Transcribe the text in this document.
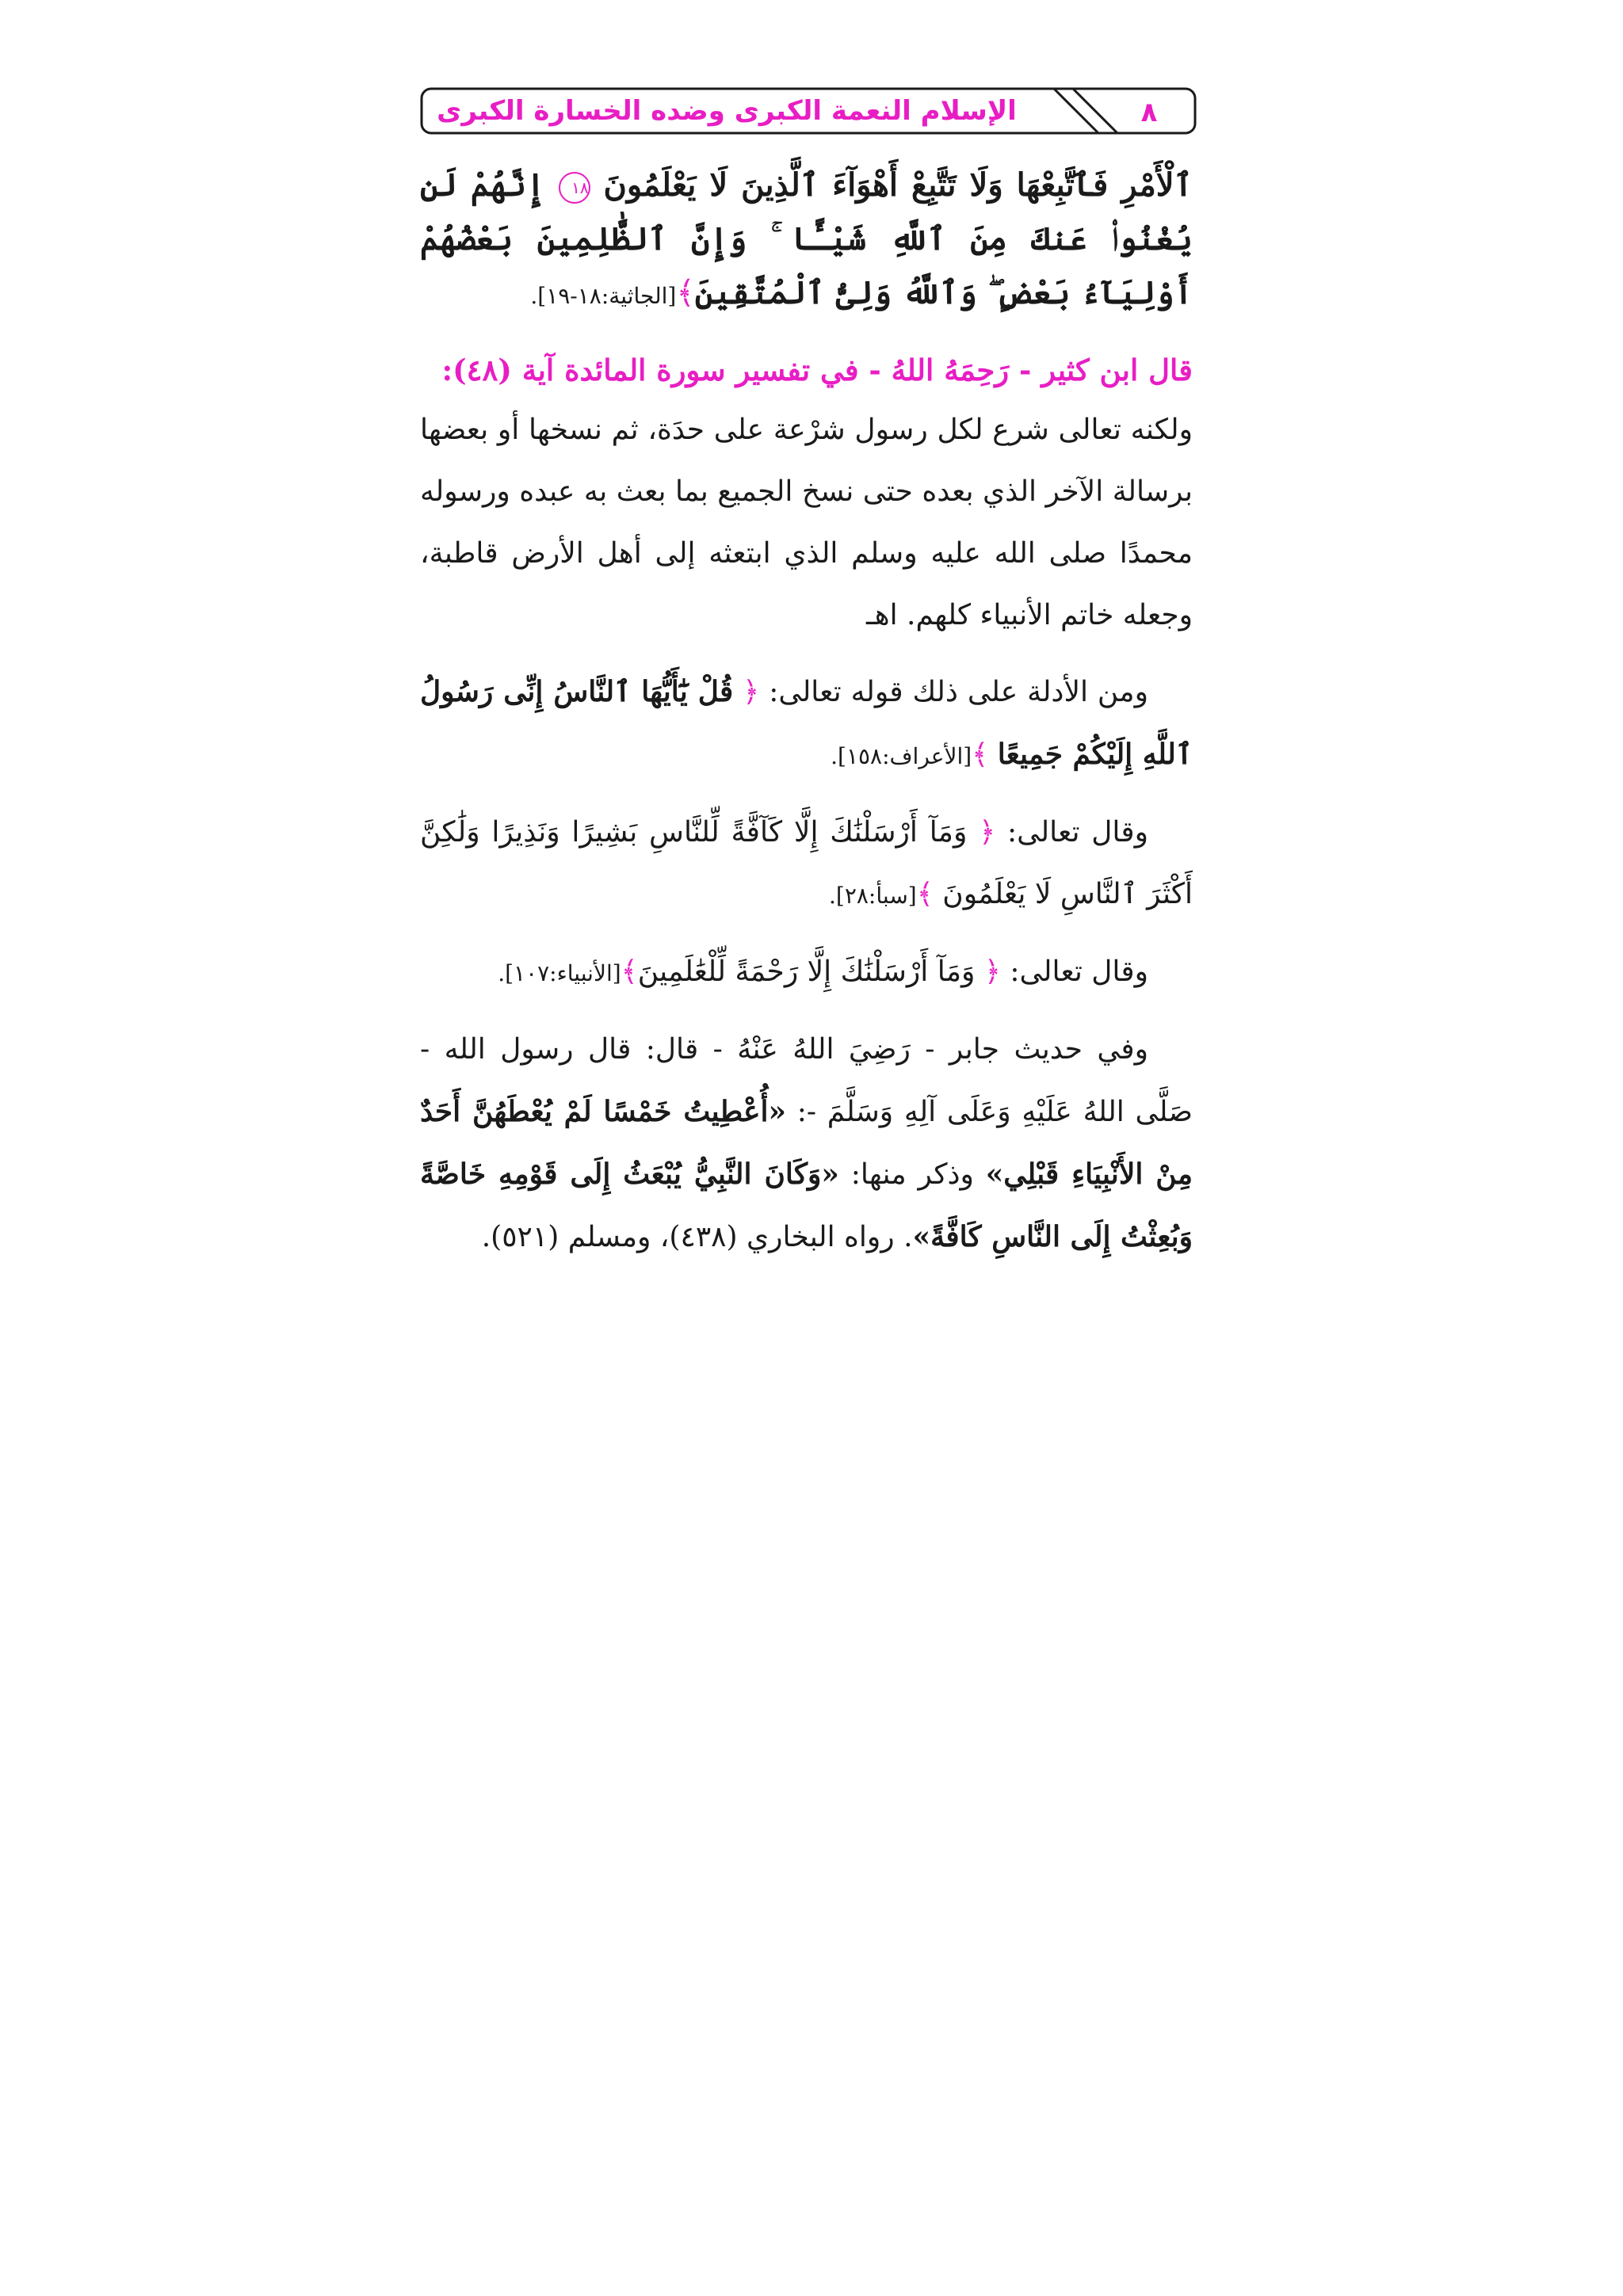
الإسلام النعمة الكبرى وضده الخسارة الكبرى	٨

ٱلْأَمْرِ فَٱتَّبِعْهَا وَلَا تَتَّبِعْ أَهْوَآءَ ٱلَّذِينَ لَا يَعْلَمُونَ ١٨ إِنَّهُمْ لَن يُغْنُوا۟ عَنكَ مِنَ ٱللَّهِ شَيْـًٔا ۚ وَإِنَّ ٱلظَّٰلِمِينَ بَعْضُهُمْ أَوْلِيَآءُ بَعْضٍ ۖ وَٱللَّهُ وَلِىُّ ٱلْمُتَّقِينَ﴾[الجاثية:١٨-١٩].

قال ابن كثير - رَحِمَهُ اللهُ - في تفسير سورة المائدة آية (٤٨):

ولكنه تعالى شرع لكل رسول شرْعة على حدَة، ثم نسخها أو بعضها برسالة الآخر الذي بعده حتى نسخ الجميع بما بعث به عبده ورسوله محمدًا صلى الله عليه وسلم الذي ابتعثه إلى أهل الأرض قاطبة، وجعله خاتم الأنبياء كلهم. اهـ

ومن الأدلة على ذلك قوله تعالى: ﴿ قُلْ يَٰٓأَيُّهَا ٱلنَّاسُ إِنِّى رَسُولُ ٱللَّهِ إِلَيْكُمْ جَمِيعًا ﴾[الأعراف:١٥٨].

وقال تعالى: ﴿ وَمَآ أَرْسَلْنَٰكَ إِلَّا كَآفَّةً لِّلنَّاسِ بَشِيرًا وَنَذِيرًا وَلَٰكِنَّ أَكْثَرَ ٱلنَّاسِ لَا يَعْلَمُونَ ﴾[سبأ:٢٨].

وقال تعالى: ﴿ وَمَآ أَرْسَلْنَٰكَ إِلَّا رَحْمَةً لِّلْعَٰلَمِينَ﴾[الأنبياء:١٠٧].

وفي حديث جابر - رَضِيَ اللهُ عَنْهُ - قال: قال رسول الله - صَلَّى اللهُ عَلَيْهِ وَعَلَى آلِهِ وَسَلَّمَ -: «أُعْطِيتُ خَمْسًا لَمْ يُعْطَهُنَّ أَحَدٌ مِنْ الأَنْبِيَاءِ قَبْلِي» وذكر منها: «وَكَانَ النَّبِيُّ يُبْعَثُ إِلَى قَوْمِهِ خَاصَّةً وَبُعِثْتُ إِلَى النَّاسِ كَافَّةً». رواه البخاري (٤٣٨)، ومسلم (٥٢١).
